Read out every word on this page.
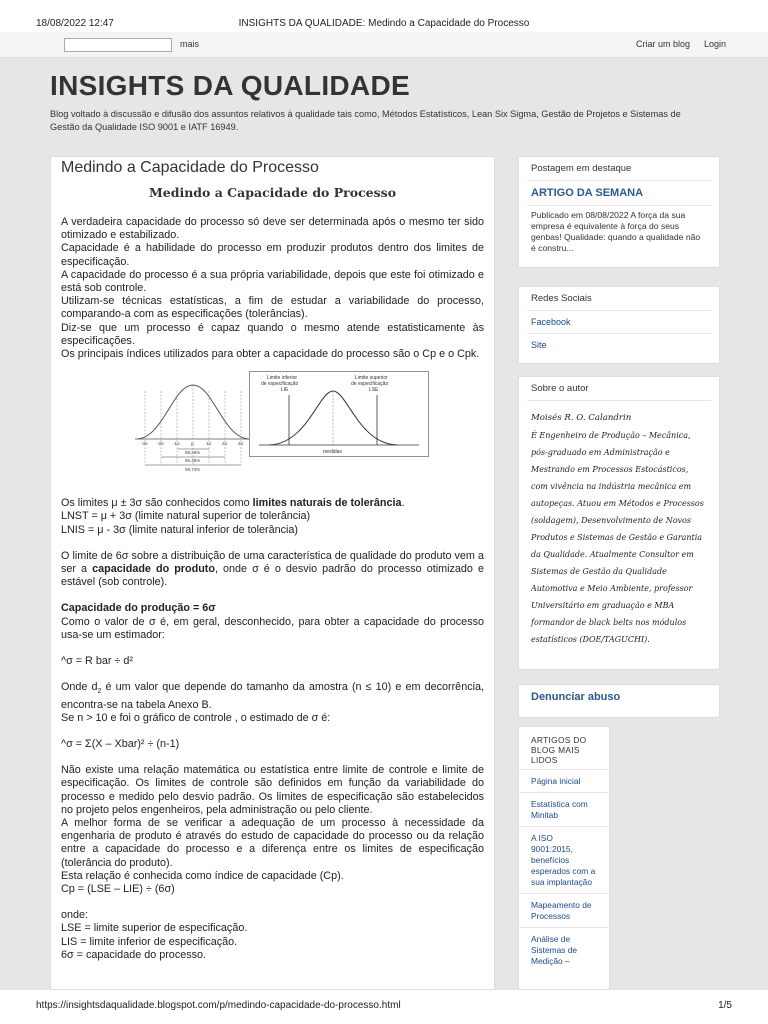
18/08/2022 12:47	INSIGHTS DA QUALIDADE: Medindo a Capacidade do Processo
mais	Criar um blog Login
INSIGHTS DA QUALIDADE
Blog voltado à discussão e difusão dos assuntos relativos à qualidade tais como, Métodos Estatísticos, Lean Six Sigma, Gestão de Projetos e Sistemas de Gestão da Qualidade ISO 9001 e IATF 16949.
Medindo a Capacidade do Processo
Medindo a Capacidade do Processo

A verdadeira capacidade do processo só deve ser determinada após o mesmo ter sido otimizado e estabilizado.

Capacidade é a habilidade do processo em produzir produtos dentro dos limites de especificação.

A capacidade do processo é a sua própria variabilidade, depois que este foi otimizado e está sob controle.

Utilizam-se técnicas estatísticas, a fim de estudar a variabilidade do processo, comparando-a com as especificações (tolerâncias).

Diz-se que um processo é capaz quando o mesmo atende estatisticamente às especificações.

Os principais índices utilizados para obter a capacidade do processo são o Cp e o Cpk.

-3σ -2σ -1σ μ	1σ 2σ 3σ
68,26%
95,46%
99,73%
Limite inferior de especificação LIE
Limite superior de especificação LSE
medidas

Os limites μ ± 3σ são conhecidos como limites naturais de tolerância.

LNST = μ + 3σ (limite natural superior de tolerância)

LNIS = μ - 3σ (limite natural inferior de tolerância)

O limite de 6σ sobre a distribuição de uma característica de qualidade do produto vem a ser a capacidade do produto, onde σ é o desvio padrão do processo otimizado e estável (sob controle).

Capacidade do produção = 6σ

Como o valor de σ é, em geral, desconhecido, para obter a capacidade do processo usa-se um estimador:

^σ = R bar ÷ d²

Onde $d_2$ é um valor que depende do tamanho da amostra (n ≤ 10) e em decorrência, encontra-se na tabela Anexo B.

Se n > 10 e foi o gráfico de controle , o estimado de σ é:

^σ = Σ(X – Xbar)² ÷ (n-1)

Não existe uma relação matemática ou estatística entre limite de controle e limite de especificação. Os limites de controle são definidos em função da variabilidade do processo e medido pelo desvio padrão. Os limites de especificação são estabelecidos no projeto pelos engenheiros, pela administração ou pelo cliente.

A melhor forma de se verificar a adequação de um processo à necessidade da engenharia de produto é através do estudo de capacidade do processo ou da relação entre a capacidade do processo e a diferença entre os limites de especificação (tolerância do produto).

Esta relação é conhecida como índice de capacidade (Cp).

Cp = (LSE – LIE) ÷ (6σ)

onde:

LSE = limite superior de especificação.

LIS = limite inferior de especificação.

6σ = capacidade do processo.

Postagem em destaque
ARTIGO DA SEMANA
Publicado em 08/08/2022 A força da sua empresa é equivalente à força do seus genbas! Qualidade: quando a qualidade não é constru...
Redes Sociais
Facebook
Site
Sobre o autor
Moisés R. O. Calandrin
É Engenheiro de Produção – Mecânica, pós-graduado em Administração e Mestrando em Processos Estocásticos, com vivência na indústria mecânica em autopeças. Atuou em Métodos e Processos (soldagem), Desenvolvimento de Novos Produtos e Sistemas de Gestão e Garantia da Qualidade. Atualmente Consultor em Sistemas de Gestão da Qualidade Automotiva e Meio Ambiente, professor Universitário em graduação e MBA formandor de black belts nos módulos estatísticos (DOE/TAGUCHI).
Denunciar abuso
ARTIGOS DO BLOG MAIS LIDOS
Página inicial
Estatística com Minitab
A ISO 9001:2015, benefícios esperados com a sua implantação
Mapeamento de Processos
Análise de Sistemas de Medição –
https://insightsdaqualidade.blogspot.com/p/medindo-capacidade-do-processo.html	1/5
